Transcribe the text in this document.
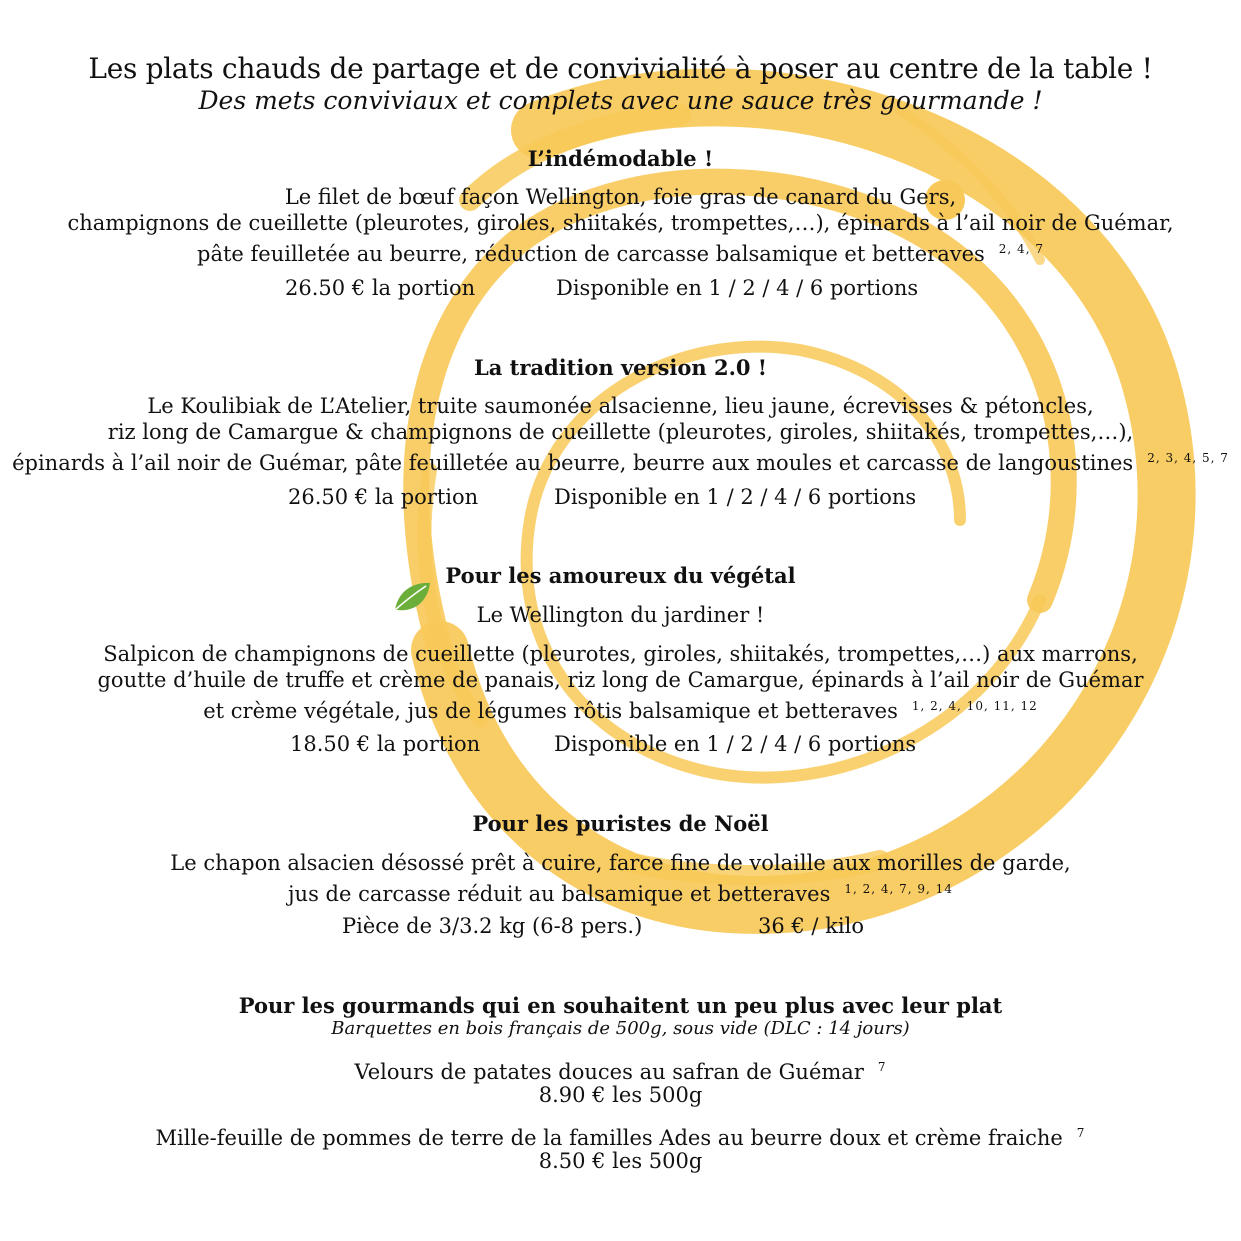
Les plats chauds de partage et de convivialité à poser au centre de la table !
Des mets conviviaux et complets avec une sauce très gourmande !
L’indémodable !
Le filet de bœuf façon Wellington, foie gras de canard du Gers,
champignons de cueillette (pleurotes, giroles, shiitakés, trompettes,…), épinards à l’ail noir de Guémar,
pâte feuilletée au beurre, réduction de carcasse balsamique et betteraves $^{2, 4, 7}$
26.50 € la portion	Disponible en 1 / 2 / 4 / 6 portions
La tradition version 2.0 !
Le Koulibiak de L’Atelier, truite saumonée alsacienne, lieu jaune, écrevisses & pétoncles,
riz long de Camargue & champignons de cueillette (pleurotes, giroles, shiitakés, trompettes,…),
épinards à l’ail noir de Guémar, pâte feuilletée au beurre, beurre aux moules et carcasse de langoustines $^{2, 3, 4, 5, 7}$
26.50 € la portion	Disponible en 1 / 2 / 4 / 6 portions
Pour les amoureux du végétal
Le Wellington du jardiner !
Salpicon de champignons de cueillette (pleurotes, giroles, shiitakés, trompettes,…) aux marrons,
goutte d’huile de truffe et crème de panais, riz long de Camargue, épinards à l’ail noir de Guémar
et crème végétale, jus de légumes rôtis balsamique et betteraves $^{1, 2, 4, 10, 11, 12}$
18.50 € la portion	Disponible en 1 / 2 / 4 / 6 portions
Pour les puristes de Noël
Le chapon alsacien désossé prêt à cuire, farce fine de volaille aux morilles de garde,
jus de carcasse réduit au balsamique et betteraves $^{1, 2, 4, 7, 9, 14}$
Pièce de 3/3.2 kg (6-8 pers.)	36 € / kilo
Pour les gourmands qui en souhaitent un peu plus avec leur plat
Barquettes en bois français de 500g, sous vide (DLC : 14 jours)
Velours de patates douces au safran de Guémar $^7$
8.90 € les 500g
Mille-feuille de pommes de terre de la familles Ades au beurre doux et crème fraiche $^7$
8.50 € les 500g
